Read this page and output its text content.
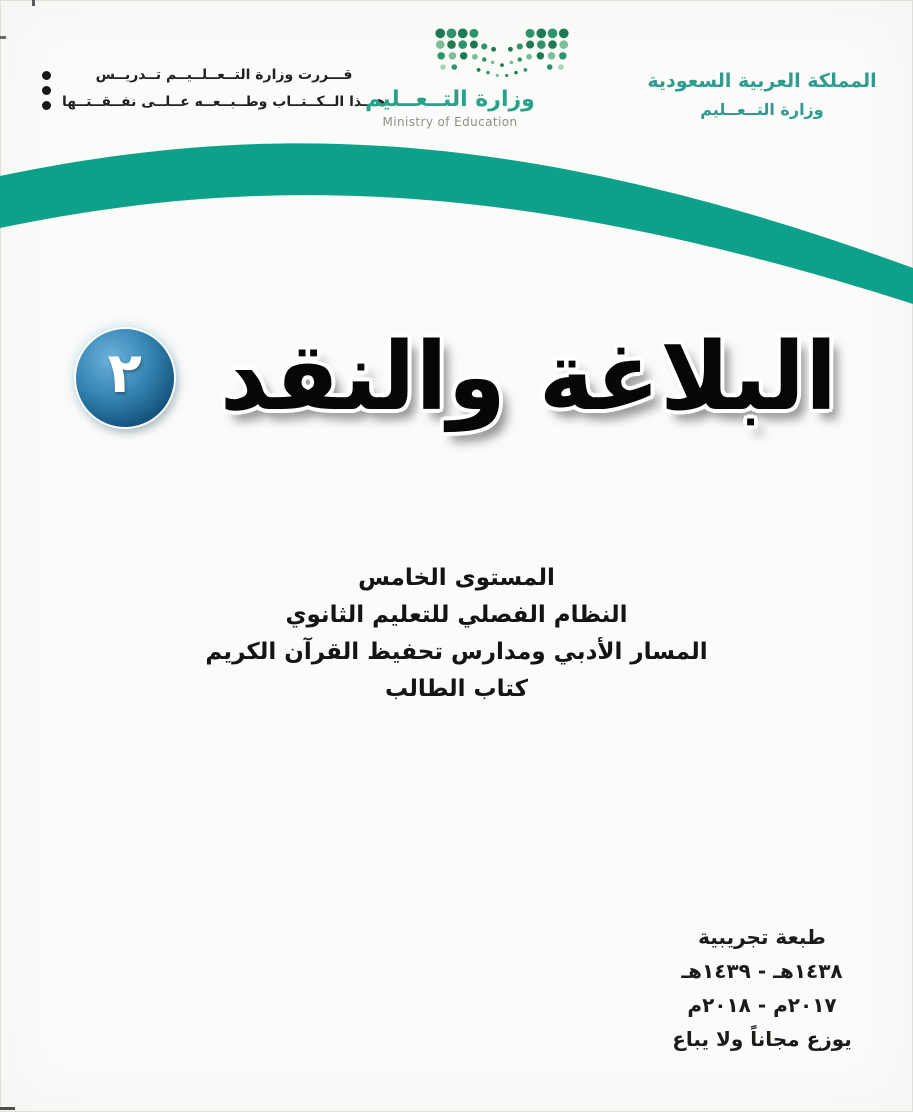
قـــررت وزارة التــعــلــيــم تــدريــس
هـــذا الــكــتــاب وطــبــعــه عــلــى نفــقــتــها
وزارة التــعــليم
Ministry of Education
المملكة العربية السعودية
وزارة التــعــليم
٢ البلاغة والنقد
المستوى الخامس
النظام الفصلي للتعليم الثانوي
المسار الأدبي ومدارس تحفيظ القرآن الكريم
كتاب الطالب
طبعة تجريبية
١٤٣٨هـ - ١٤٣٩هـ
٢٠١٧م - ٢٠١٨م
يوزع مجاناً ولا يباع
